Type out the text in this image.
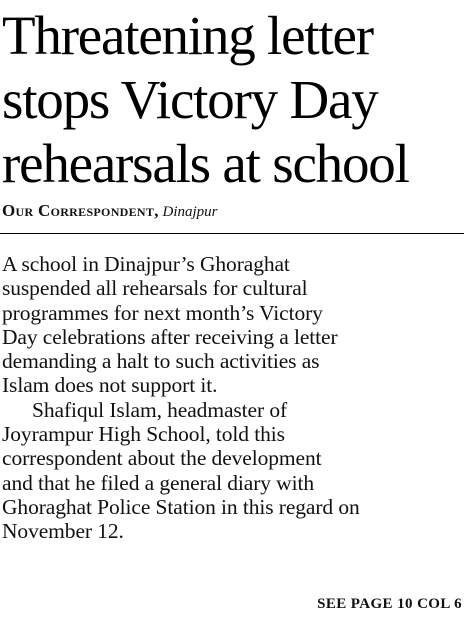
Threatening letter
stops Victory Day
rehearsals at school
Our Correspondent, Dinajpur

A school in Dinajpur’s Ghoraghat
suspended all rehearsals for cultural
programmes for next month’s Victory
Day celebrations after receiving a letter
demanding a halt to such activities as
Islam does not support it.

Shafiqul Islam, headmaster of
Joyrampur High School, told this
correspondent about the development
and that he filed a general diary with
Ghoraghat Police Station in this regard on
November 12.

SEE PAGE 10 COL 6
